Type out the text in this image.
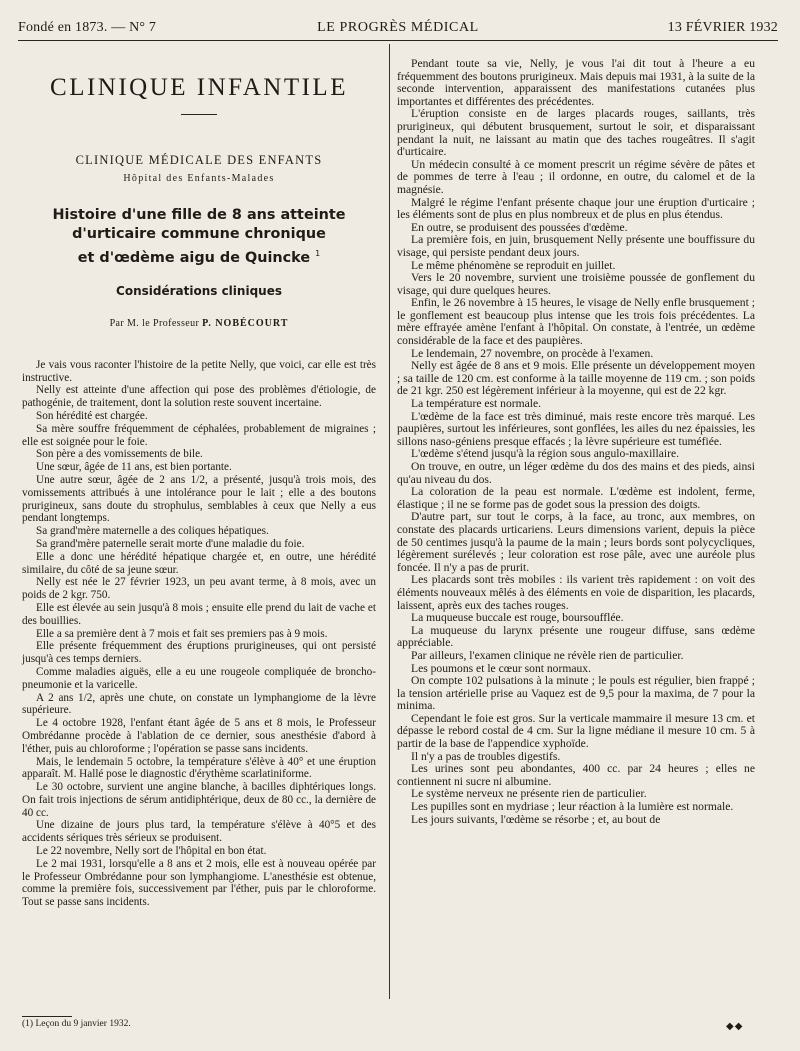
Fondé en 1873. — N° 7	LE PROGRÈS MÉDICAL	13 FÉVRIER 1932
CLINIQUE INFANTILE
CLINIQUE MÉDICALE DES ENFANTS
Hôpital des Enfants-Malades
Histoire d'une fille de 8 ans atteinte
d'urticaire commune chronique
et d'œdème aigu de Quincke $^1$
Considérations cliniques
Par M. le Professeur P. NOBÉCOURT

Je vais vous raconter l'histoire de la petite Nelly, que voici, car elle est très instructive.

Nelly est atteinte d'une affection qui pose des problèmes d'étiologie, de pathogénie, de traitement, dont la solution reste souvent incertaine.

Son hérédité est chargée.

Sa mère souffre fréquemment de céphalées, probablement de migraines ; elle est soignée pour le foie.

Son père a des vomissements de bile.

Une sœur, âgée de 11 ans, est bien portante.

Une autre sœur, âgée de 2 ans 1/2, a présenté, jusqu'à trois mois, des vomissements attribués à une intolérance pour le lait ; elle a des boutons prurigineux, sans doute du strophulus, semblables à ceux que Nelly a eus pendant longtemps.

Sa grand'mère maternelle a des coliques hépatiques.

Sa grand'mère paternelle serait morte d'une maladie du foie.

Elle a donc une hérédité hépatique chargée et, en outre, une hérédité similaire, du côté de sa jeune sœur.

Nelly est née le 27 février 1923, un peu avant terme, à 8 mois, avec un poids de 2 kgr. 750.

Elle est élevée au sein jusqu'à 8 mois ; ensuite elle prend du lait de vache et des bouillies.

Elle a sa première dent à 7 mois et fait ses premiers pas à 9 mois.

Elle présente fréquemment des éruptions prurigineuses, qui ont persisté jusqu'à ces temps derniers.

Comme maladies aiguës, elle a eu une rougeole compliquée de broncho-pneumonie et la varicelle.

A 2 ans 1/2, après une chute, on constate un lymphangiome de la lèvre supérieure.

Le 4 octobre 1928, l'enfant étant âgée de 5 ans et 8 mois, le Professeur Ombrédanne procède à l'ablation de ce dernier, sous anesthésie d'abord à l'éther, puis au chloroforme ; l'opération se passe sans incidents.

Mais, le lendemain 5 octobre, la température s'élève à 40° et une éruption apparaît. M. Hallé pose le diagnostic d'érythème scarlatiniforme.

Le 30 octobre, survient une angine blanche, à bacilles diphtériques longs. On fait trois injections de sérum antidiphtérique, deux de 80 cc., la dernière de 40 cc.

Une dizaine de jours plus tard, la température s'élève à 40°5 et des accidents sériques très sérieux se produisent.

Le 22 novembre, Nelly sort de l'hôpital en bon état.

Le 2 mai 1931, lorsqu'elle a 8 ans et 2 mois, elle est à nouveau opérée par le Professeur Ombrédanne pour son lymphangiome. L'anesthésie est obtenue, comme la première fois, successivement par l'éther, puis par le chloroforme. Tout se passe sans incidents.

Pendant toute sa vie, Nelly, je vous l'ai dit tout à l'heure a eu fréquemment des boutons prurigineux. Mais depuis mai 1931, à la suite de la seconde intervention, apparaissent des manifestations cutanées plus importantes et différentes des précédentes.

L'éruption consiste en de larges placards rouges, saillants, très prurigineux, qui débutent brusquement, surtout le soir, et disparaissant pendant la nuit, ne laissant au matin que des taches rougeâtres. Il s'agit d'urticaire.

Un médecin consulté à ce moment prescrit un régime sévère de pâtes et de pommes de terre à l'eau ; il ordonne, en outre, du calomel et de la magnésie.

Malgré le régime l'enfant présente chaque jour une éruption d'urticaire ; les éléments sont de plus en plus nombreux et de plus en plus étendus.

En outre, se produisent des poussées d'œdème.

La première fois, en juin, brusquement Nelly présente une bouffissure du visage, qui persiste pendant deux jours.

Le même phénomène se reproduit en juillet.

Vers le 20 novembre, survient une troisième poussée de gonflement du visage, qui dure quelques heures.

Enfin, le 26 novembre à 15 heures, le visage de Nelly enfle brusquement ; le gonflement est beaucoup plus intense que les trois fois précédentes. La mère effrayée amène l'enfant à l'hôpital. On constate, à l'entrée, un œdème considérable de la face et des paupières.

Le lendemain, 27 novembre, on procède à l'examen.

Nelly est âgée de 8 ans et 9 mois. Elle présente un développement moyen ; sa taille de 120 cm. est conforme à la taille moyenne de 119 cm. ; son poids de 21 kgr. 250 est légèrement inférieur à la moyenne, qui est de 22 kgr.

La température est normale.

L'œdème de la face est très diminué, mais reste encore très marqué. Les paupières, surtout les inférieures, sont gonflées, les ailes du nez épaissies, les sillons naso-géniens presque effacés ; la lèvre supérieure est tuméfiée.

L'œdème s'étend jusqu'à la région sous angulo-maxillaire.

On trouve, en outre, un léger œdème du dos des mains et des pieds, ainsi qu'au niveau du dos.

La coloration de la peau est normale. L'œdème est indolent, ferme, élastique ; il ne se forme pas de godet sous la pression des doigts.

D'autre part, sur tout le corps, à la face, au tronc, aux membres, on constate des placards urticariens. Leurs dimensions varient, depuis la pièce de 50 centimes jusqu'à la paume de la main ; leurs bords sont polycycliques, légèrement surélevés ; leur coloration est rose pâle, avec une auréole plus foncée. Il n'y a pas de prurit.

Les placards sont très mobiles : ils varient très rapidement : on voit des éléments nouveaux mêlés à des éléments en voie de disparition, les placards, laissent, après eux des taches rouges.

La muqueuse buccale est rouge, boursoufflée.

La muqueuse du larynx présente une rougeur diffuse, sans œdème appréciable.

Par ailleurs, l'examen clinique ne révèle rien de particulier.

Les poumons et le cœur sont normaux.

On compte 102 pulsations à la minute ; le pouls est régulier, bien frappé ; la tension artérielle prise au Vaquez est de 9,5 pour la maxima, de 7 pour la minima.

Cependant le foie est gros. Sur la verticale mammaire il mesure 13 cm. et dépasse le rebord costal de 4 cm. Sur la ligne médiane il mesure 10 cm. 5 à partir de la base de l'appendice xyphoïde.

Il n'y a pas de troubles digestifs.

Les urines sont peu abondantes, 400 cc. par 24 heures ; elles ne contiennent ni sucre ni albumine.

Le système nerveux ne présente rien de particulier.

Les pupilles sont en mydriase ; leur réaction à la lumière est normale.

Les jours suivants, l'œdème se résorbe ; et, au bout de

(1) Leçon du 9 janvier 1932.	◆◆
